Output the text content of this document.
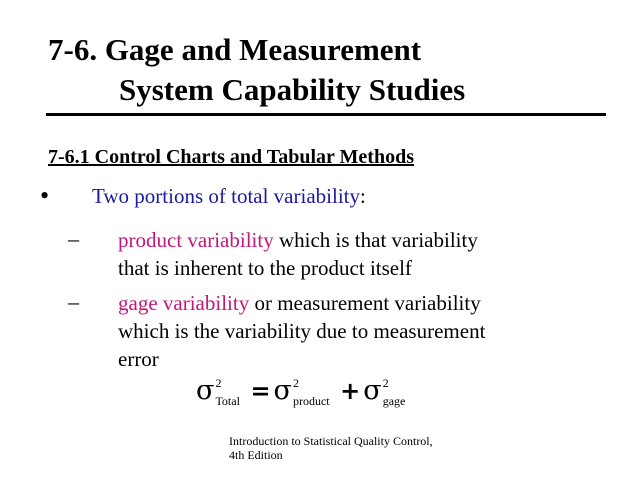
7-6. Gage and Measurement
System Capability Studies
7-6.1 Control Charts and Tabular Methods
• Two portions of total variability:
– product variability which is that variability
that is inherent to the product itself
– gage variability or measurement variability
which is the variability due to measurement
error
σ 2
Total = σ 2
product + σ 2
gage
Introduction to Statistical Quality Control,
4th Edition
